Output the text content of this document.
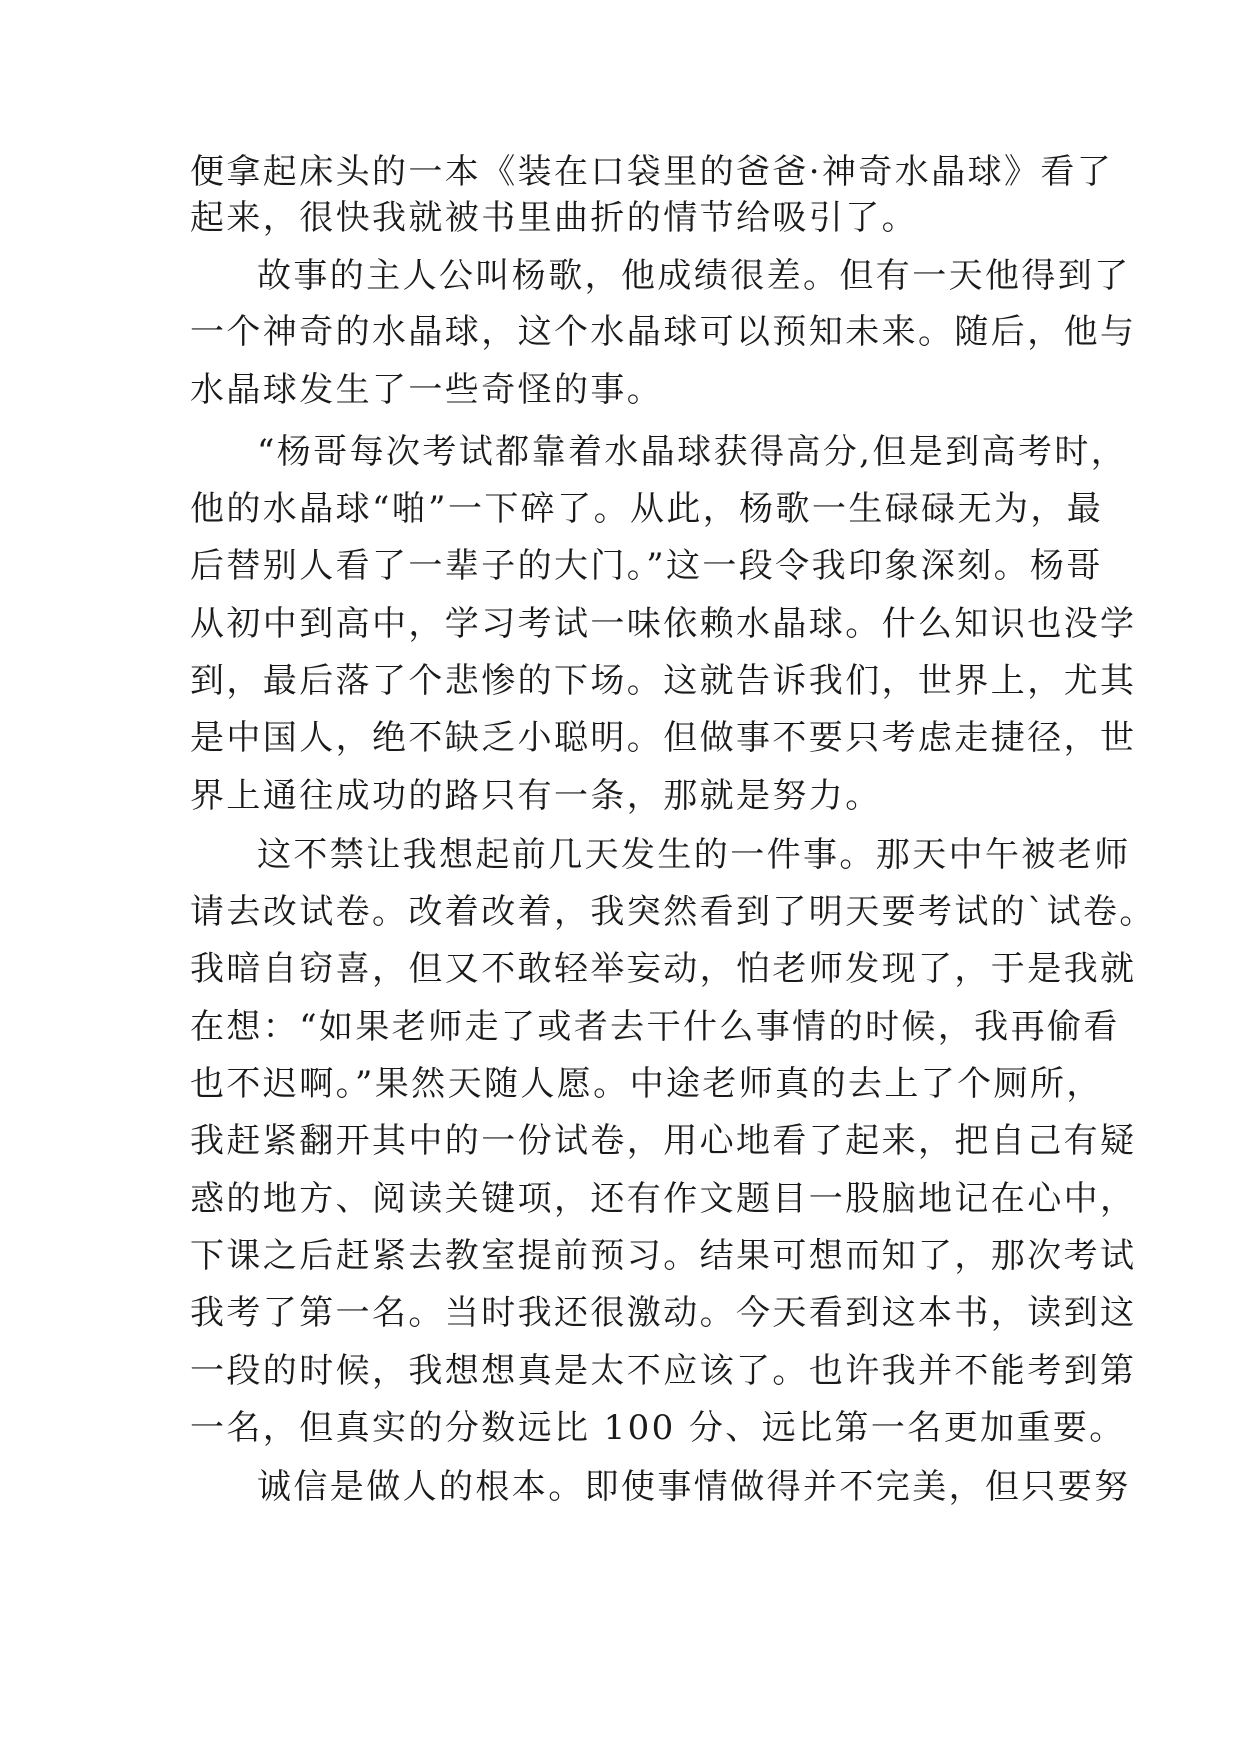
便拿起床头的一本《装在口袋里的爸爸·神奇水晶球》看了
起来，很快我就被书里曲折的情节给吸引了。
故事的主人公叫杨歌，他成绩很差。但有一天他得到了
一个神奇的水晶球，这个水晶球可以预知未来。随后，他与
水晶球发生了一些奇怪的事。
“杨哥每次考试都靠着水晶球获得高分,但是到高考时，
他的水晶球“啪”一下碎了。从此，杨歌一生碌碌无为，最
后替别人看了一辈子的大门。”这一段令我印象深刻。杨哥
从初中到高中，学习考试一味依赖水晶球。什么知识也没学
到，最后落了个悲惨的下场。这就告诉我们，世界上，尤其
是中国人，绝不缺乏小聪明。但做事不要只考虑走捷径，世
界上通往成功的路只有一条，那就是努力。
这不禁让我想起前几天发生的一件事。那天中午被老师
请去改试卷。改着改着，我突然看到了明天要考试的`试卷。
我暗自窃喜，但又不敢轻举妄动，怕老师发现了，于是我就
在想：“如果老师走了或者去干什么事情的时候，我再偷看
也不迟啊。”果然天随人愿。中途老师真的去上了个厕所，
我赶紧翻开其中的一份试卷，用心地看了起来，把自己有疑
惑的地方、阅读关键项，还有作文题目一股脑地记在心中，
下课之后赶紧去教室提前预习。结果可想而知了，那次考试
我考了第一名。当时我还很激动。今天看到这本书，读到这
一段的时候，我想想真是太不应该了。也许我并不能考到第
一名，但真实的分数远比 100 分、远比第一名更加重要。
诚信是做人的根本。即使事情做得并不完美，但只要努
